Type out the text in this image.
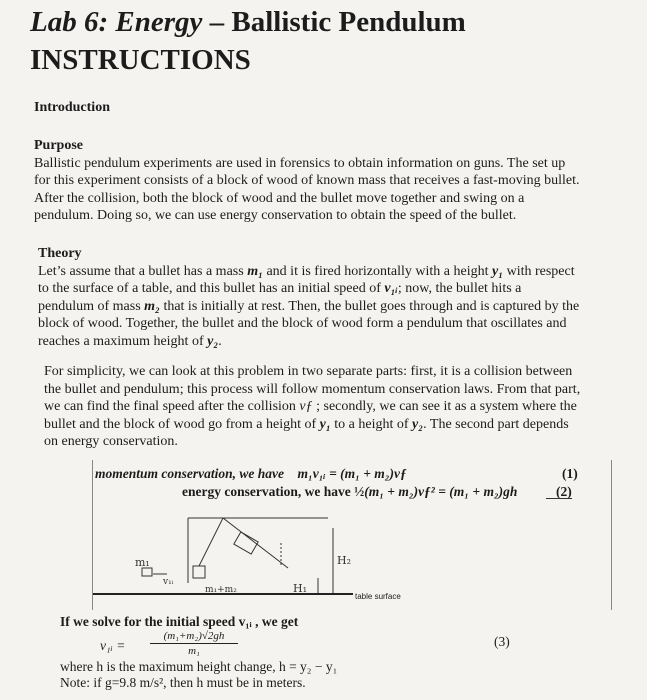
Lab 6: Energy – Ballistic Pendulum
INSTRUCTIONS
Introduction
Purpose
Ballistic pendulum experiments are used in forensics to obtain information on guns. The set up
for this experiment consists of a block of wood of known mass that receives a fast-moving bullet.
After the collision, both the block of wood and the bullet move together and swing on a
pendulum. Doing so, we can use energy conservation to obtain the speed of the bullet.
Theory
Let’s assume that a bullet has a mass m₁ and it is fired horizontally with a height y₁ with respect
to the surface of a table, and this bullet has an initial speed of v₁ᵢ; now, the bullet hits a
pendulum of mass m₂ that is initially at rest. Then, the bullet goes through and is captured by the
block of wood. Together, the bullet and the block of wood form a pendulum that oscillates and
reaches a maximum height of y₂.
For simplicity, we can look at this problem in two separate parts: first, it is a collision between
the bullet and pendulum; this process will follow momentum conservation laws. From that part,
we can find the final speed after the collision vƒ ; secondly, we can see it as a system where the
bullet and the block of wood go from a height of y₁ to a height of y₂. The second part depends
on energy conservation.
momentum conservation, we have m₁v₁ᵢ = (m₁ + m₂)vƒ	(1)
energy conservation, we have ½(m₁ + m₂)vƒ² = (m₁ + m₂)gh	(2)
m₁
v₁ᵢ
m₁+m₂	H₁
H₂
table surface
If we solve for the initial speed v₁ᵢ , we get
v₁ᵢ = $\frac{\text{(m₁+m₂)√2gh}}{\text{m₁}}$	(3)
where h is the maximum height change, h = y₂ − y₁
Note: if g=9.8 m/s², then h must be in meters.
